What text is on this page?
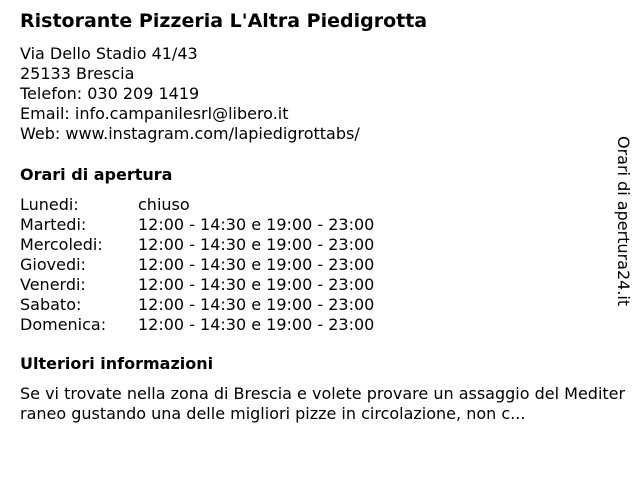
Ristorante Pizzeria L'Altra Piedigrotta
Via Dello Stadio 41/43
25133 Brescia
Telefon: 030 209 1419
Email: info.campanilesrl@libero.it
Web: www.instagram.com/lapiedigrottabs/
Orari di apertura
Lunedi:	chiuso
Martedi:	12:00 - 14:30 e 19:00 - 23:00
Mercoledi:	12:00 - 14:30 e 19:00 - 23:00
Giovedi:	12:00 - 14:30 e 19:00 - 23:00
Venerdi:	12:00 - 14:30 e 19:00 - 23:00
Sabato:	12:00 - 14:30 e 19:00 - 23:00
Domenica:	12:00 - 14:30 e 19:00 - 23:00
Ulteriori informazioni
Se vi trovate nella zona di Brescia e volete provare un assaggio del Mediterraneo gustando una delle migliori pizze in circolazione, non c...
Orari di apertura24.it
